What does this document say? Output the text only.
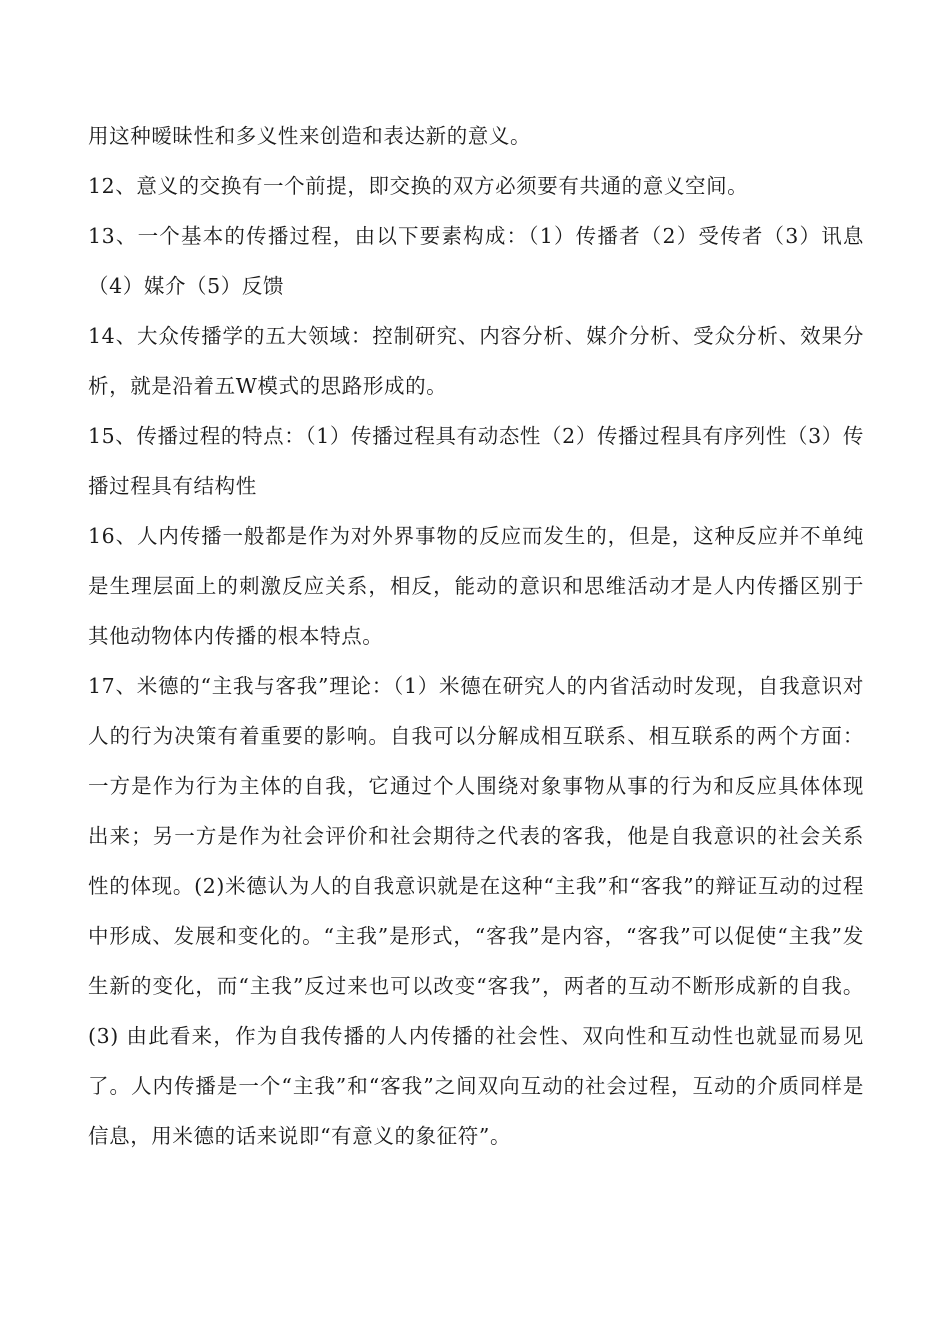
用这种暧昧性和多义性来创造和表达新的意义。

12、意义的交换有一个前提，即交换的双方必须要有共通的意义空间。

13、一个基本的传播过程，由以下要素构成：（1）传播者（2）受传者（3）讯息（4）媒介（5）反馈

14、大众传播学的五大领域：控制研究、内容分析、媒介分析、受众分析、效果分析，就是沿着五W模式的思路形成的。

15、传播过程的特点：（1）传播过程具有动态性（2）传播过程具有序列性（3）传播过程具有结构性

16、人内传播一般都是作为对外界事物的反应而发生的，但是，这种反应并不单纯是生理层面上的刺激反应关系，相反，能动的意识和思维活动才是人内传播区别于其他动物体内传播的根本特点。

17、米德的“主我与客我”理论：（1）米德在研究人的内省活动时发现，自我意识对人的行为决策有着重要的影响。自我可以分解成相互联系、相互联系的两个方面：一方是作为行为主体的自我，它通过个人围绕对象事物从事的行为和反应具体体现出来；另一方是作为社会评价和社会期待之代表的客我，他是自我意识的社会关系性的体现。(2)米德认为人的自我意识就是在这种“主我”和“客我”的辩证互动的过程中形成、发展和变化的。“主我”是形式，“客我”是内容，“客我”可以促使“主我”发生新的变化，而“主我”反过来也可以改变“客我”，两者的互动不断形成新的自我。(3) 由此看来，作为自我传播的人内传播的社会性、双向性和互动性也就显而易见了。人内传播是一个“主我”和“客我”之间双向互动的社会过程，互动的介质同样是信息，用米德的话来说即“有意义的象征符”。
